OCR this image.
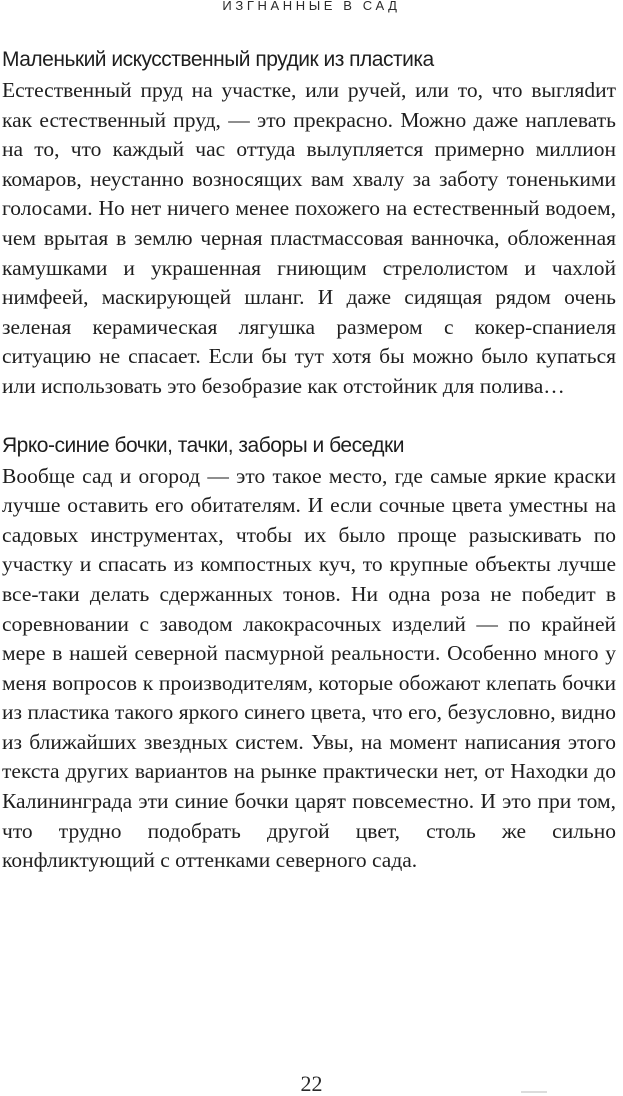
ИЗГНАННЫЕ В САД
Маленький искусственный прудик из пластика

Естественный пруд на участке, или ручей, или то, что выгляdит как естественный пруд, — это прекрасно. Можно даже наплевать на то, что каждый час оттуда вылупляется примерно миллион комаров, неустанно возносящих вам хвалу за заботу тоненькими голосами. Но нет ничего менее похожего на естественный водоем, чем врытая в землю черная пластмассовая ванночка, обложенная камушками и украшенная гниющим стрелолистом и чахлой нимфеей, маскирующей шланг. И даже сидящая рядом очень зеленая керамическая лягушка размером с кокер-спаниеля ситуацию не спасает. Если бы тут хотя бы можно было купаться или использовать это безобразие как отстойник для полива…

Ярко-синие бочки, тачки, заборы и беседки

Вообще сад и огород — это такое место, где самые яркие краски лучше оставить его обитателям. И если сочные цвета уместны на садовых инструментах, чтобы их было проще разыскивать по участку и спасать из компостных куч, то крупные объекты лучше все-таки делать сдержанных тонов. Ни одна роза не победит в соревновании с заводом лакокрасочных изделий — по крайней мере в нашей северной пасмурной реальности. Особенно много у меня вопросов к производителям, которые обожают клепать бочки из пластика такого яркого синего цвета, что его, безусловно, видно из ближайших звездных систем. Увы, на момент написания этого текста других вариантов на рынке практически нет, от Находки до Калининграда эти синие бочки царят повсеместно. И это при том, что трудно подобрать другой цвет, столь же сильно конфликтующий с оттенками северного сада.

22
